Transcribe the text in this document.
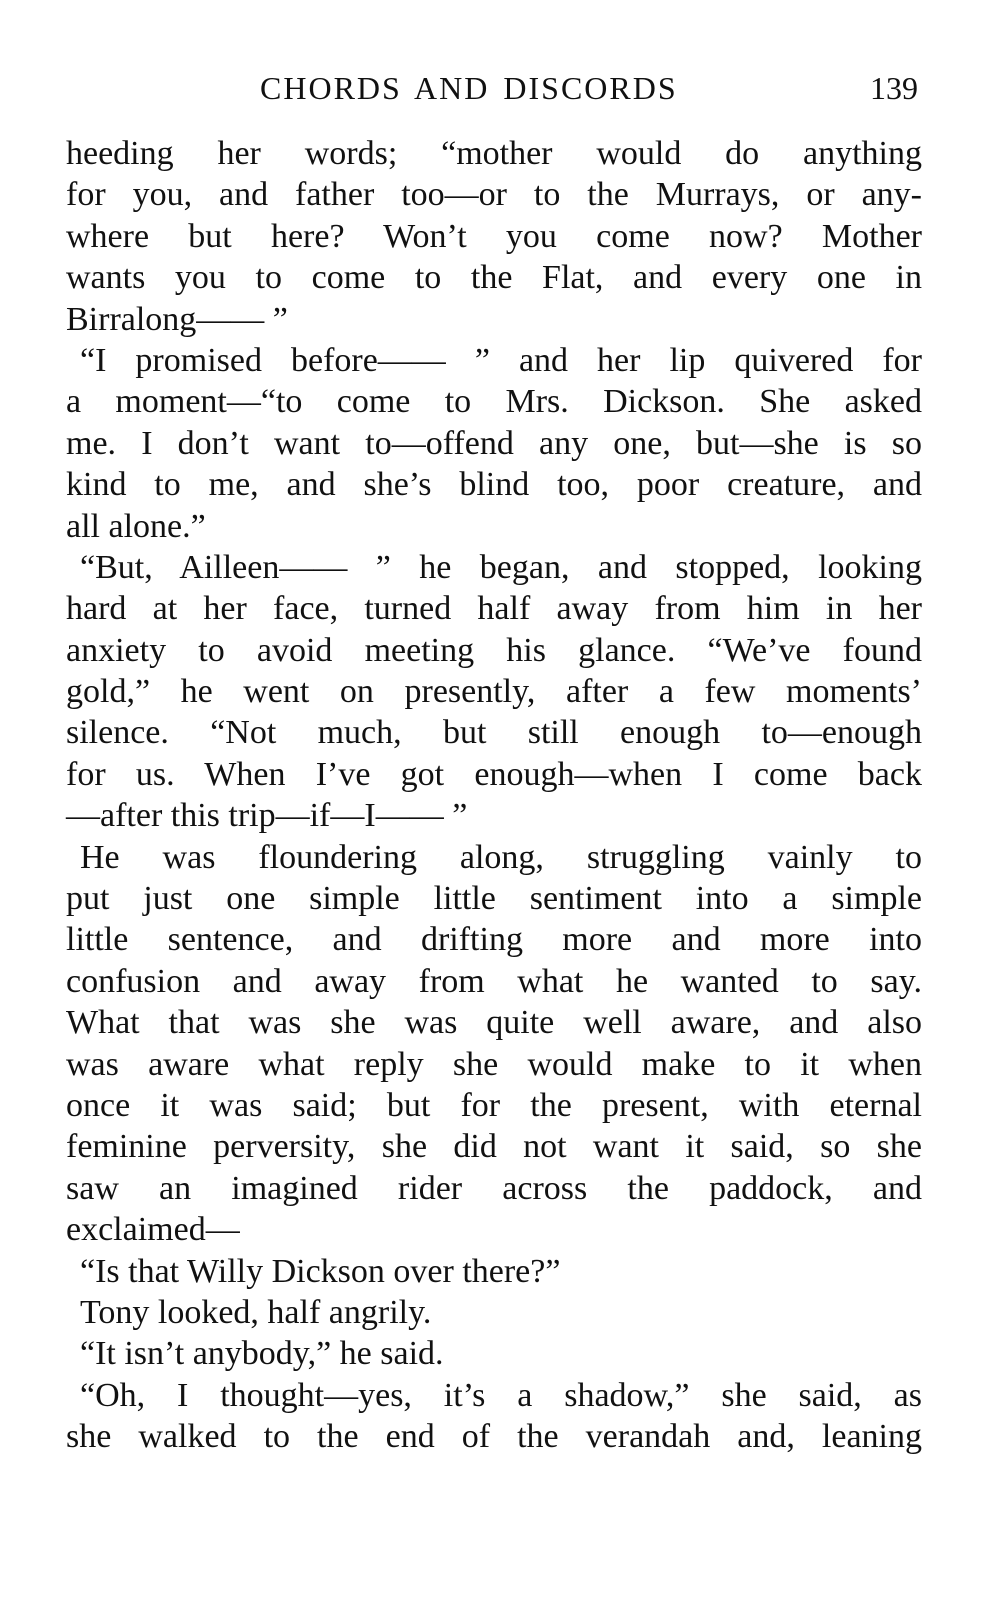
CHORDS AND DISCORDS	139
heeding her words; “mother would do anything
for you, and father too—or to the Murrays, or any-
where but here? Won’t you come now? Mother
wants you to come to the Flat, and every one in
Birralong—— ”
“I promised before—— ” and her lip quivered for
a moment—“to come to Mrs. Dickson. She asked
me. I don’t want to—offend any one, but—she is so
kind to me, and she’s blind too, poor creature, and
all alone.”
“But, Ailleen—— ” he began, and stopped, looking
hard at her face, turned half away from him in her
anxiety to avoid meeting his glance. “We’ve found
gold,” he went on presently, after a few moments’
silence. “Not much, but still enough to—enough
for us. When I’ve got enough—when I come back
—after this trip—if—I—— ”
He was floundering along, struggling vainly to
put just one simple little sentiment into a simple
little sentence, and drifting more and more into
confusion and away from what he wanted to say.
What that was she was quite well aware, and also
was aware what reply she would make to it when
once it was said; but for the present, with eternal
feminine perversity, she did not want it said, so she
saw an imagined rider across the paddock, and
exclaimed—
“Is that Willy Dickson over there?”
Tony looked, half angrily.
“It isn’t anybody,” he said.
“Oh, I thought—yes, it’s a shadow,” she said, as
she walked to the end of the verandah and, leaning
